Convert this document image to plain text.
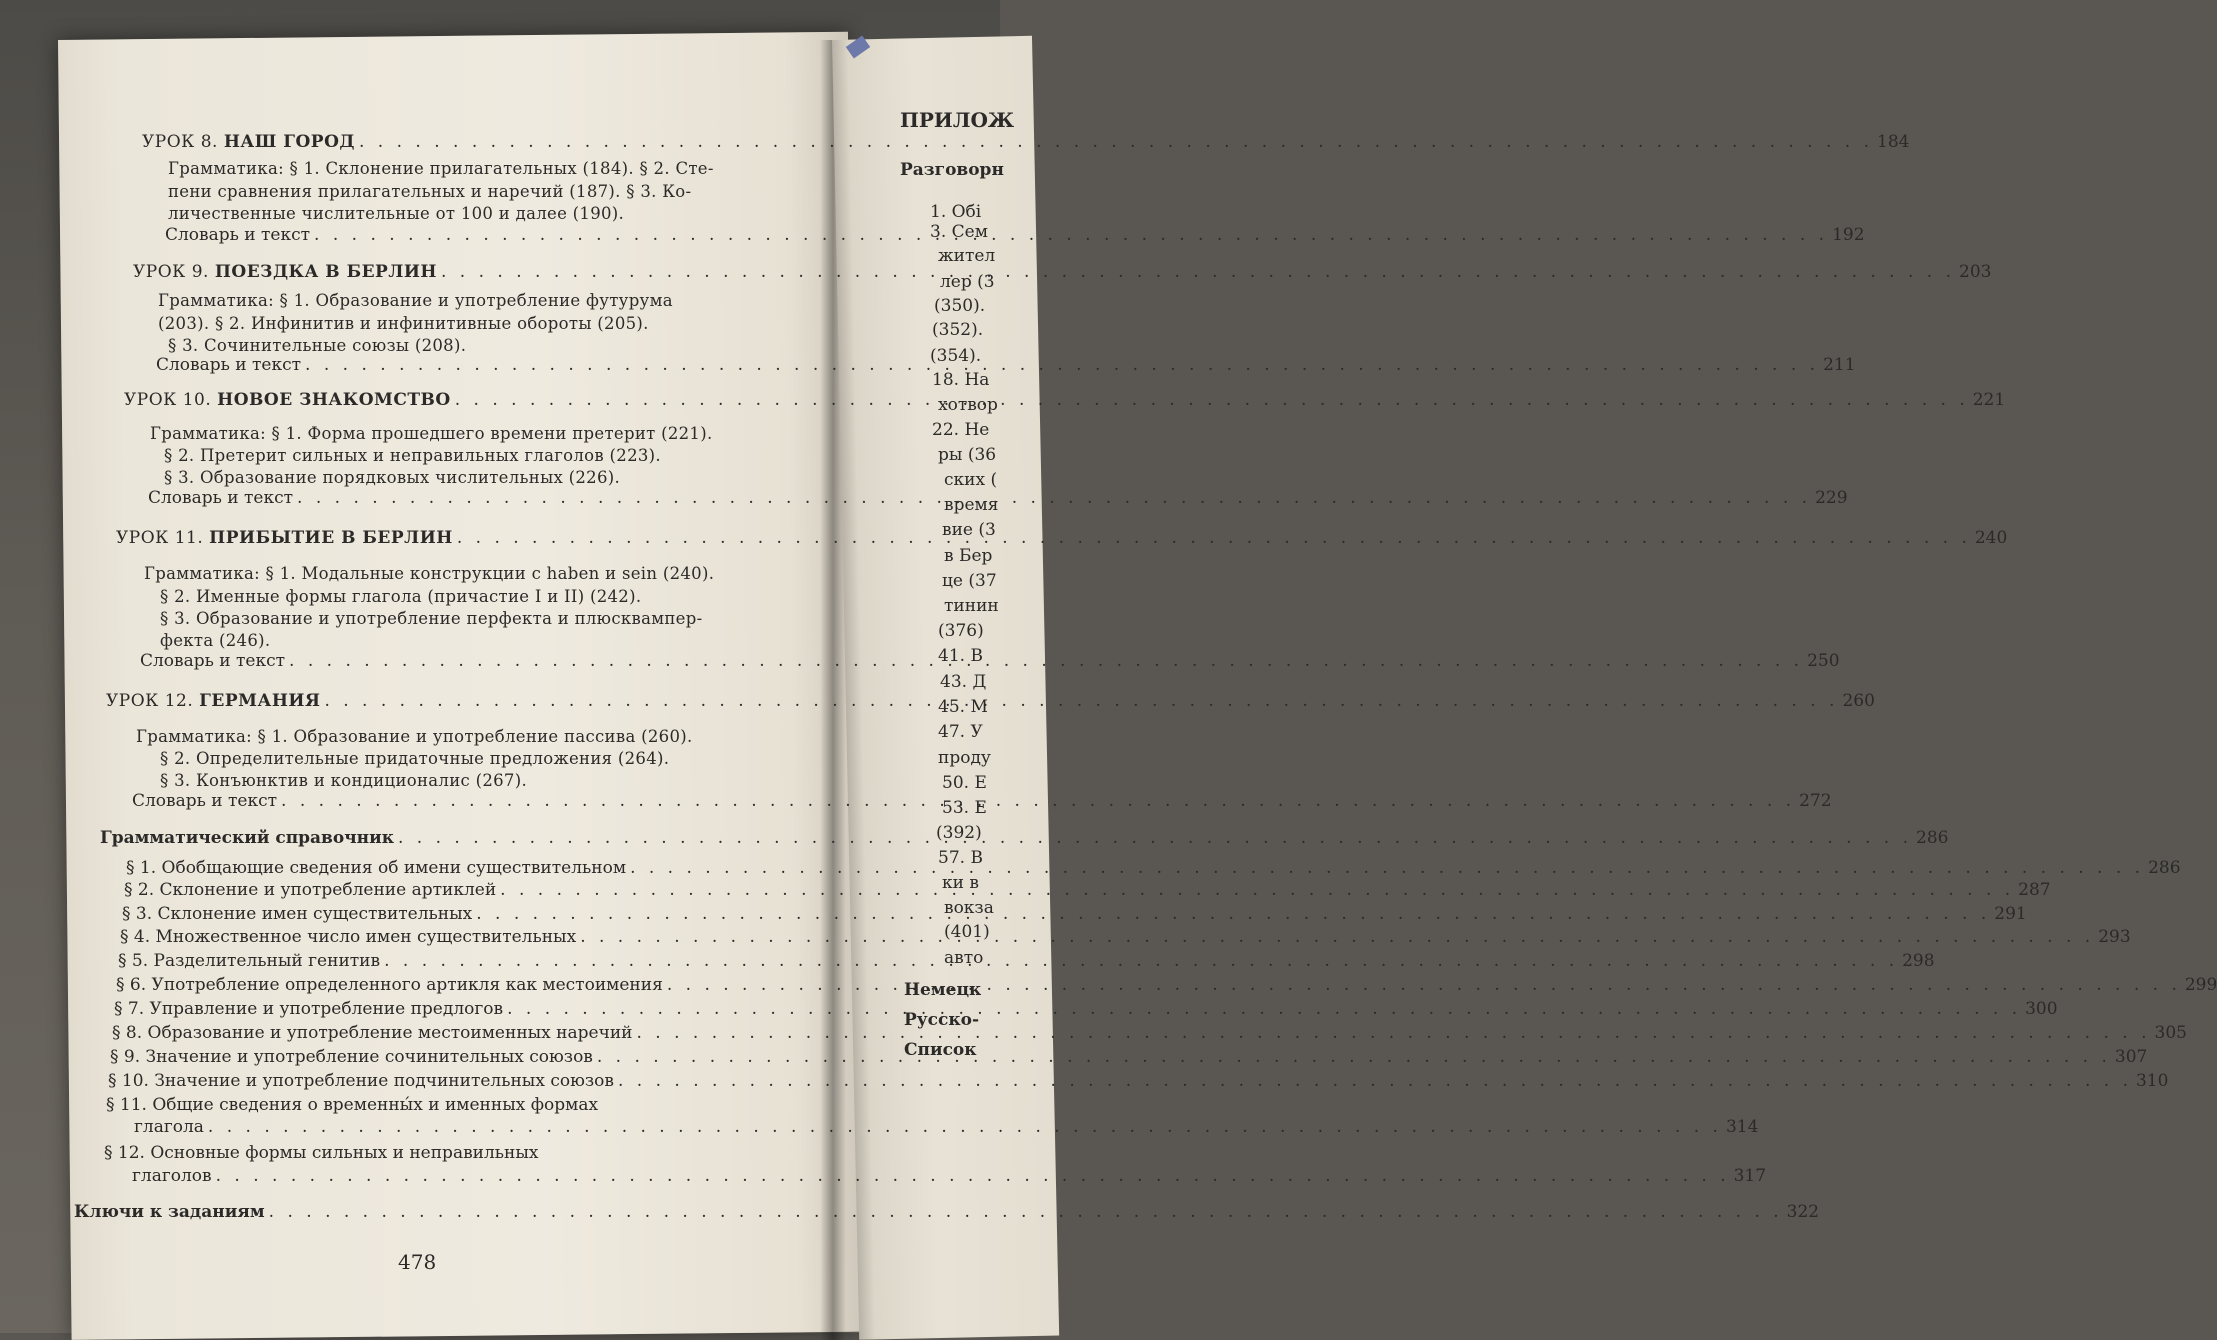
УРОК 8. НАШ ГОРОД . . .	184
Грамматика: § 1. Склонение прилагательных (184). § 2. Сте-
пени сравнения прилагательных и наречий (187). § 3. Ко-
личественные числительные от 100 и далее (190).
Словарь и текст . . .	192
УРОК 9. ПОЕЗДКА В БЕРЛИН . . .	203
Грамматика: § 1. Образование и употребление футурума
(203). § 2. Инфинитив и инфинитивные обороты (205).
§ 3. Сочинительные союзы (208).
Словарь и текст . . .	211
УРОК 10. НОВОЕ ЗНАКОМСТВО . . .	221
Грамматика: § 1. Форма прошедшего времени претерит (221).
§ 2. Претерит сильных и неправильных глаголов (223).
§ 3. Образование порядковых числительных (226).
Словарь и текст . . .	229
УРОК 11. ПРИБЫТИЕ В БЕРЛИН . . .	240
Грамматика: § 1. Модальные конструкции с haben и sein (240).
§ 2. Именные формы глагола (причастие I и II) (242).
§ 3. Образование и употребление перфекта и плюсквампер-
фекта (246).
Словарь и текст . . .	250
УРОК 12. ГЕРМАНИЯ . . .	260
Грамматика: § 1. Образование и употребление пассива (260).
§ 2. Определительные придаточные предложения (264).
§ 3. Конъюнктив и кондиционалис (267).
Словарь и текст . . .	272
Грамматический справочник . . .	286
§ 1. Обобщающие сведения об имени существительном . . .	286
§ 2. Склонение и употребление артиклей . . .	287
§ 3. Склонение имен существительных . . .	291
§ 4. Множественное число имен существительных . . .	293
§ 5. Разделительный генитив . . .	298
§ 6. Употребление определенного артикля как местоимения . . .	299
§ 7. Управление и употребление предлогов . . .	300
§ 8. Образование и употребление местоименных наречий . . .	305
§ 9. Значение и употребление сочинительных союзов . . .	307
§ 10. Значение и употребление подчинительных союзов . . .	310
§ 11. Общие сведения о временны́х и именных формах
глагола . . .	314
§ 12. Основные формы сильных и неправильных
глаголов . . .	317
Ключи к заданиям . . .	322
478
ПРИЛОЖ
Разговорн
1. Обі
3. Сем
жител
лер (3
(350).
(352).
(354).
18. На
хотвор
22. Не
ры (36
ских (
время
вие (3
в Бер
це (37
тинин
(376)
41. В
43. Д
45. М
47. У
проду
50. Е
53. Е
(392)
57. В
ки в
вокза
(401)
авто
Немецк
Русско-
Список
